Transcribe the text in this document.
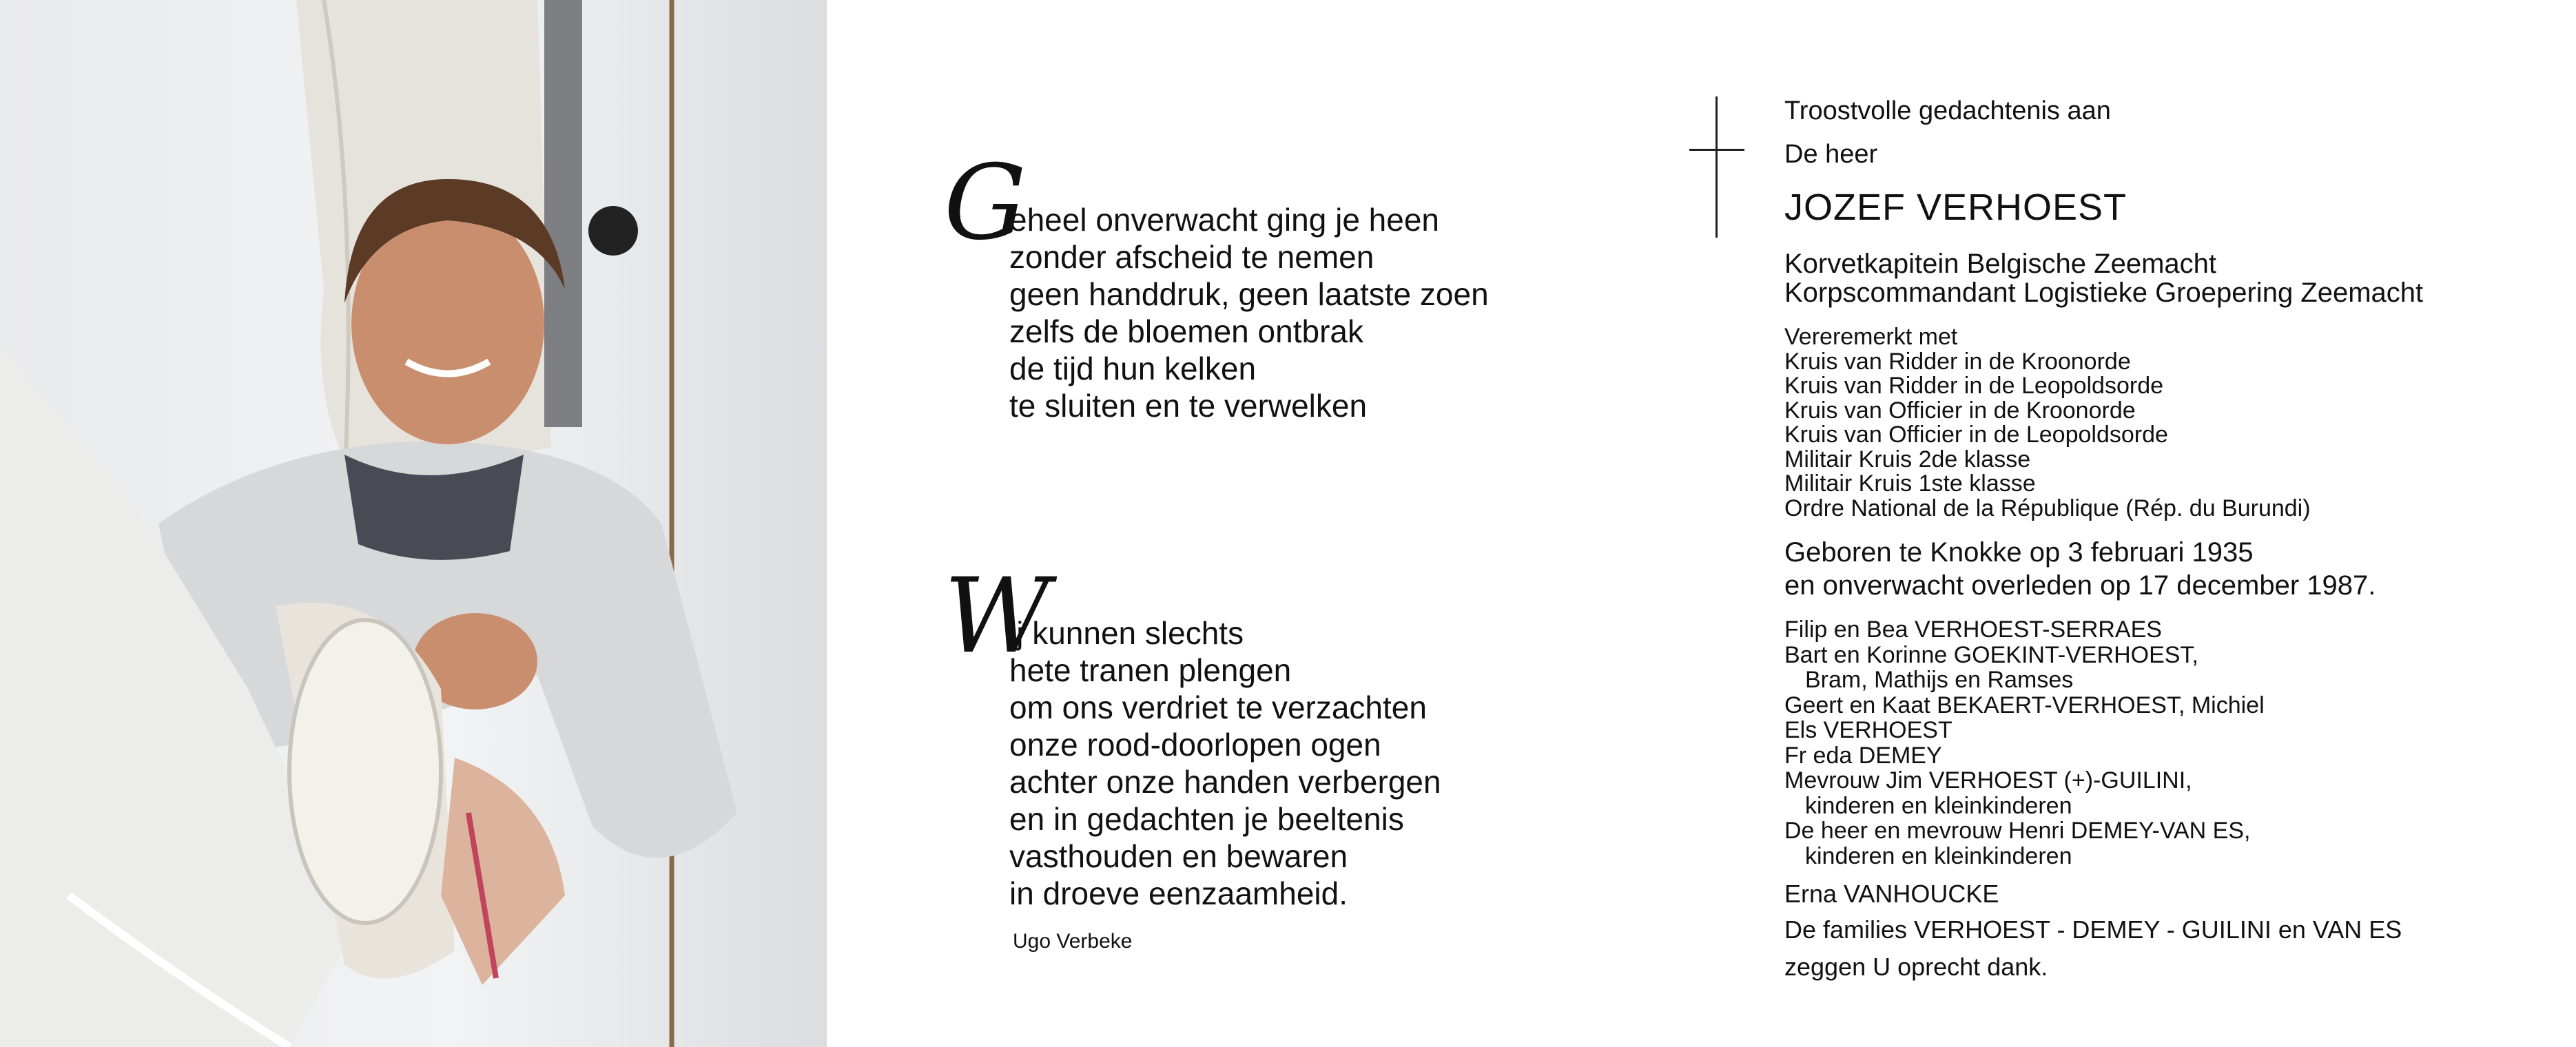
G
eheel onverwacht ging je heen
zonder afscheid te nemen
geen handdruk, geen laatste zoen
zelfs de bloemen ontbrak
de tijd hun kelken
te sluiten en te verwelken
W
ij kunnen slechts
hete tranen plengen
om ons verdriet te verzachten
onze rood-doorlopen ogen
achter onze handen verbergen
en in gedachten je beeltenis
vasthouden en bewaren
in droeve eenzaamheid.
Ugo Verbeke
Troostvolle gedachtenis aan
De heer
JOZEF VERHOEST
Korvetkapitein Belgische Zeemacht
Korpscommandant Logistieke Groepering Zeemacht
Vereremerkt met
Kruis van Ridder in de Kroonorde
Kruis van Ridder in de Leopoldsorde
Kruis van Officier in de Kroonorde
Kruis van Officier in de Leopoldsorde
Militair Kruis 2de klasse
Militair Kruis 1ste klasse
Ordre National de la République (Rép. du Burundi)
Geboren te Knokke op 3 februari 1935
en onverwacht overleden op 17 december 1987.
Filip en Bea VERHOEST-SERRAES
Bart en Korinne GOEKINT-VERHOEST,
Bram, Mathijs en Ramses
Geert en Kaat BEKAERT-VERHOEST, Michiel
Els VERHOEST
Fr eda DEMEY
Mevrouw Jim VERHOEST (+)-GUILINI,
kinderen en kleinkinderen
De heer en mevrouw Henri DEMEY-VAN ES,
kinderen en kleinkinderen
Erna VANHOUCKE
De families VERHOEST - DEMEY - GUILINI en VAN ES
zeggen U oprecht dank.
